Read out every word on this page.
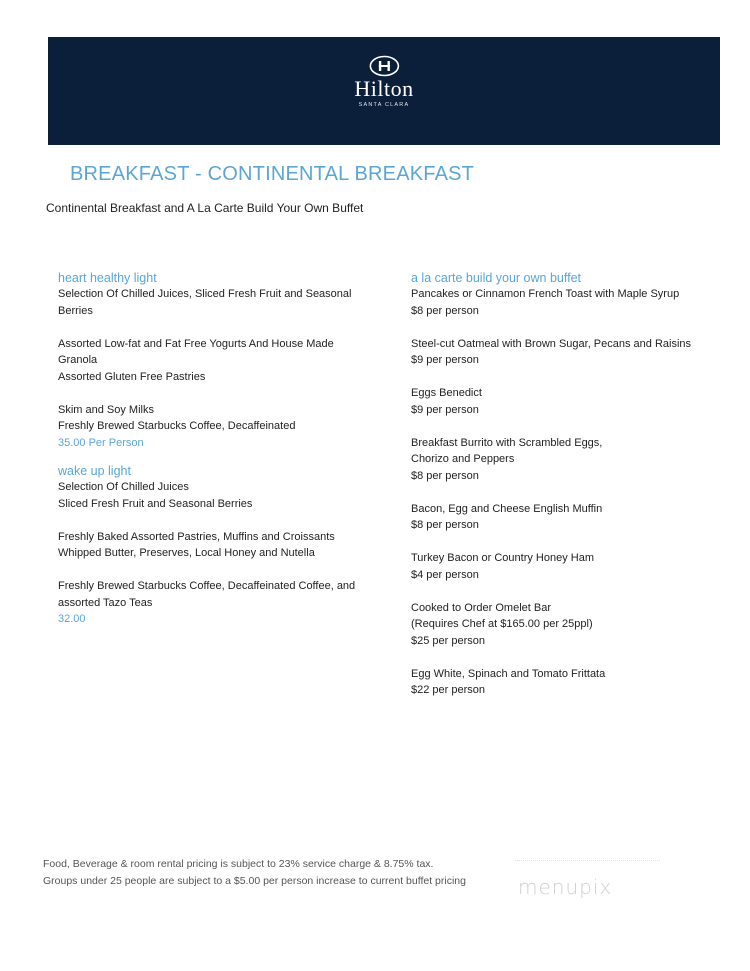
Hilton
SANTA CLARA
BREAKFAST - CONTINENTAL BREAKFAST
Continental Breakfast and A La Carte Build Your Own Buffet
heart healthy light
Selection Of Chilled Juices, Sliced Fresh Fruit and Seasonal
Berries
Assorted Low-fat and Fat Free Yogurts And House Made
Granola
Assorted Gluten Free Pastries
Skim and Soy Milks
Freshly Brewed Starbucks Coffee, Decaffeinated
35.00 Per Person
wake up light
Selection Of Chilled Juices
Sliced Fresh Fruit and Seasonal Berries
Freshly Baked Assorted Pastries, Muffins and Croissants
Whipped Butter, Preserves, Local Honey and Nutella
Freshly Brewed Starbucks Coffee, Decaffeinated Coffee, and
assorted Tazo Teas
32.00
a la carte build your own buffet
Pancakes or Cinnamon French Toast with Maple Syrup
$8 per person
Steel-cut Oatmeal with Brown Sugar, Pecans and Raisins
$9 per person
Eggs Benedict
$9 per person
Breakfast Burrito with Scrambled Eggs,
Chorizo and Peppers
$8 per person
Bacon, Egg and Cheese English Muffin
$8 per person
Turkey Bacon or Country Honey Ham
$4 per person
Cooked to Order Omelet Bar
(Requires Chef at $165.00 per 25ppl)
$25 per person
Egg White, Spinach and Tomato Frittata
$22 per person
Food, Beverage & room rental pricing is subject to 23% service charge & 8.75% tax.
Groups under 25 people are subject to a $5.00 per person increase to current buffet pricing	menupix
